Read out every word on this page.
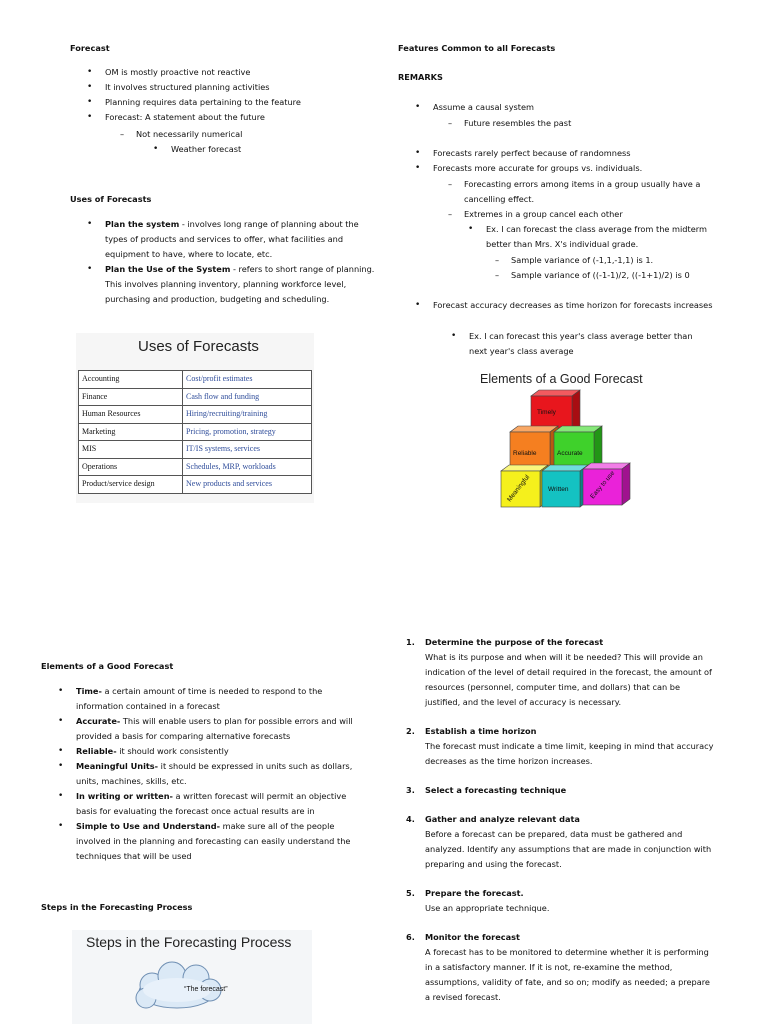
Forecast
• OM is mostly proactive not reactive
• It involves structured planning activities
• Planning requires data pertaining to the feature
• Forecast: A statement about the future
– Not necessarily numerical
• Weather forecast
Uses of Forecasts
• Plan the system - involves long range of planning about the types of products and services to offer, what facilities and equipment to have, where to locate, etc.
• Plan the Use of the System - refers to short range of planning. This involves planning inventory, planning workforce level, purchasing and production, budgeting and scheduling.
Uses of Forecasts
Accounting	Cost/profit estimates
Finance	Cash flow and funding
Human Resources	Hiring/recruiting/training
Marketing	Pricing, promotion, strategy
MIS	IT/IS systems, services
Operations	Schedules, MRP, workloads
Product/service design	New products and services
Elements of a Good Forecast
• Time- a certain amount of time is needed to respond to the information contained in a forecast
• Accurate- This will enable users to plan for possible errors and will provided a basis for comparing alternative forecasts
• Reliable- it should work consistently
• Meaningful Units- it should be expressed in units such as dollars, units, machines, skills, etc.
• In writing or written- a written forecast will permit an objective basis for evaluating the forecast once actual results are in
• Simple to Use and Understand- make sure all of the people involved in the planning and forecasting can easily understand the techniques that will be used
Steps in the Forecasting Process
Steps in the Forecasting Process
“The forecast”
Features Common to all Forecasts
REMARKS
• Assume a causal system
– Future resembles the past
• Forecasts rarely perfect because of randomness
• Forecasts more accurate for groups vs. individuals.
– Forecasting errors among items in a group usually have a cancelling effect.
– Extremes in a group cancel each other
• Ex. I can forecast the class average from the midterm better than Mrs. X's individual grade.
– Sample variance of (-1,1,-1,1) is 1.
– Sample variance of ((-1-1)/2, ((-1+1)/2) is 0
• Forecast accuracy decreases as time horizon for forecasts increases
• Ex. I can forecast this year's class average better than next year's class average
Elements of a Good Forecast
Timely
Reliable	Accurate
Meaningful	Written	Easy to use
1. Determine the purpose of the forecast
What is its purpose and when will it be needed? This will provide an indication of the level of detail required in the forecast, the amount of resources (personnel, computer time, and dollars) that can be justified, and the level of accuracy is necessary.
2. Establish a time horizon
The forecast must indicate a time limit, keeping in mind that accuracy decreases as the time horizon increases.
3. Select a forecasting technique
4. Gather and analyze relevant data
Before a forecast can be prepared, data must be gathered and analyzed. Identify any assumptions that are made in conjunction with preparing and using the forecast.
5. Prepare the forecast.
Use an appropriate technique.
6. Monitor the forecast
A forecast has to be monitored to determine whether it is performing in a satisfactory manner. If it is not, re-examine the method, assumptions, validity of fate, and so on; modify as needed; a prepare a revised forecast.
